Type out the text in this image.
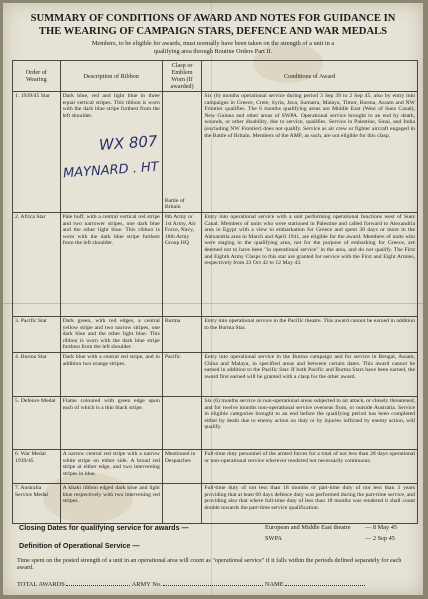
SUMMARY OF CONDITIONS OF AWARD AND NOTES FOR GUIDANCE IN
THE WEARING OF CAMPAIGN STARS, DEFENCE AND WAR MEDALS
Members, to be eligible for awards, must normally have been taken on the strength of a unit in a
qualifying area through Routine Orders Part II.
Order of Wearing	Description of Ribbon	Clasp or Emblem Worn (If awarded)	Conditions of Award
1. 1939/45 Star	Dark blue, red and light blue in three equal vertical stripes. This ribbon is worn with the dark blue stripe furthest from the left shoulder.	Battle of Britain	Six (6) months operational service during period 3 Sep 39 to 2 Sep 45, also by entry into campaigns in Greece, Crete, Syria, Java, Sumatra, Malaya, Timor, Burma, Assam and NW Frontier qualifies. The 6 months qualifying areas are Middle East (West of Suez Canal), New Guinea and other areas of SWPA. Operational service brought to an end by death, wounds, or other disability, due to service, qualifies. Service in Palestine, Sinai, and India (excluding NW Frontier) does not qualify. Service as air crew or fighter aircraft engaged in the Battle of Britain. Members of the AMF, as such, are not eligible for this clasp.
2. Africa Star	Pale buff, with a central vertical red stripe and two narrower stripes, one dark blue and the other light blue. This ribbon is worn with the dark blue stripe furthest from the left shoulder.	8th Army or 1st Army, Air Force, Navy, 18th Army Group HQ	Entry into operational service with a unit performing operational functions west of Suez Canal. Members of units who were stationed in Palestine and called forward to Alexandria area in Egypt with a view to embarkation for Greece and spent 30 days or more in the Alexandria area in March and April 1941, are eligible for the award. Members of units who were staging in the qualifying area, not for the purpose of embarking for Greece, are deemed not to have been "in operational service" in the area, and do not qualify. The First and Eighth Army Clasps to this star are granted for service with the First and Eight Armies, respectively from 23 Oct 42 to 12 May 43.
3. Pacific Star	Dark green, with red edges, a central yellow stripe and two narrow stripes, one dark blue and the other light blue. This ribbon is worn with the dark blue stripe furthest from the left shoulder.	Burma	Entry into operational service in the Pacific theatre. This award cannot be earned in addition to the Burma Star.
4. Burma Star	Dark blue with a central red stripe, and in addition two orange stripes.	Pacific	Entry into operational service in the Burma campaign and for service in Bengal, Assam, China and Malaya, in specified areas and between certain dates. This award cannot be earned in addition to the Pacific Star. If both Pacific and Burma Stars have been earned, the award first earned will be granted with a clasp for the other award.
5. Defence Medal	Flame coloured with green edge upon each of which is a thin black stripe.		Six (6) months service in non-operational areas subjected to air attack, or closely threatened, and for twelve months non-operational service overseas from, or outside Australia. Service in eligible categories brought to an end before the qualifying period has been completed either by death due to enemy action on duty or by injuries inflicted by enemy action, will qualify.
6. War Medal 1939/45	A narrow central red stripe with a narrow white stripe on either side. A broad red stripe at either edge, and two intervening stripes in blue.	Mentioned in Despatches	Full-time duty personnel of the armed forces for a total of not less than 28 days operational or non-operational service wherever rendered not necessarily continuous.
7. Australia Service Medal	A khaki ribbon edged dark blue and light blue respectively with two intervening red stripes.		Full-time duty of not less than 18 months or part-time duty of not less than 3 years providing that at least 60 days defence duty was performed during the part-time service, and providing also that where full-time duty of less than 18 months was rendered it shall count double towards the part-time service qualification.
WX 807
MAYNARD . HT
Closing Dates for qualifying service for awards —	European and Middle East theatre — 8 May 45
Definition of Operational Service —
SWPA	— 2 Sep 45
Time spent on the posted strength of a unit in an operational area will count as "operational service" if it falls within the periods defined separately for each award.
TOTAL AWARDS	ARMY No.	NAME
